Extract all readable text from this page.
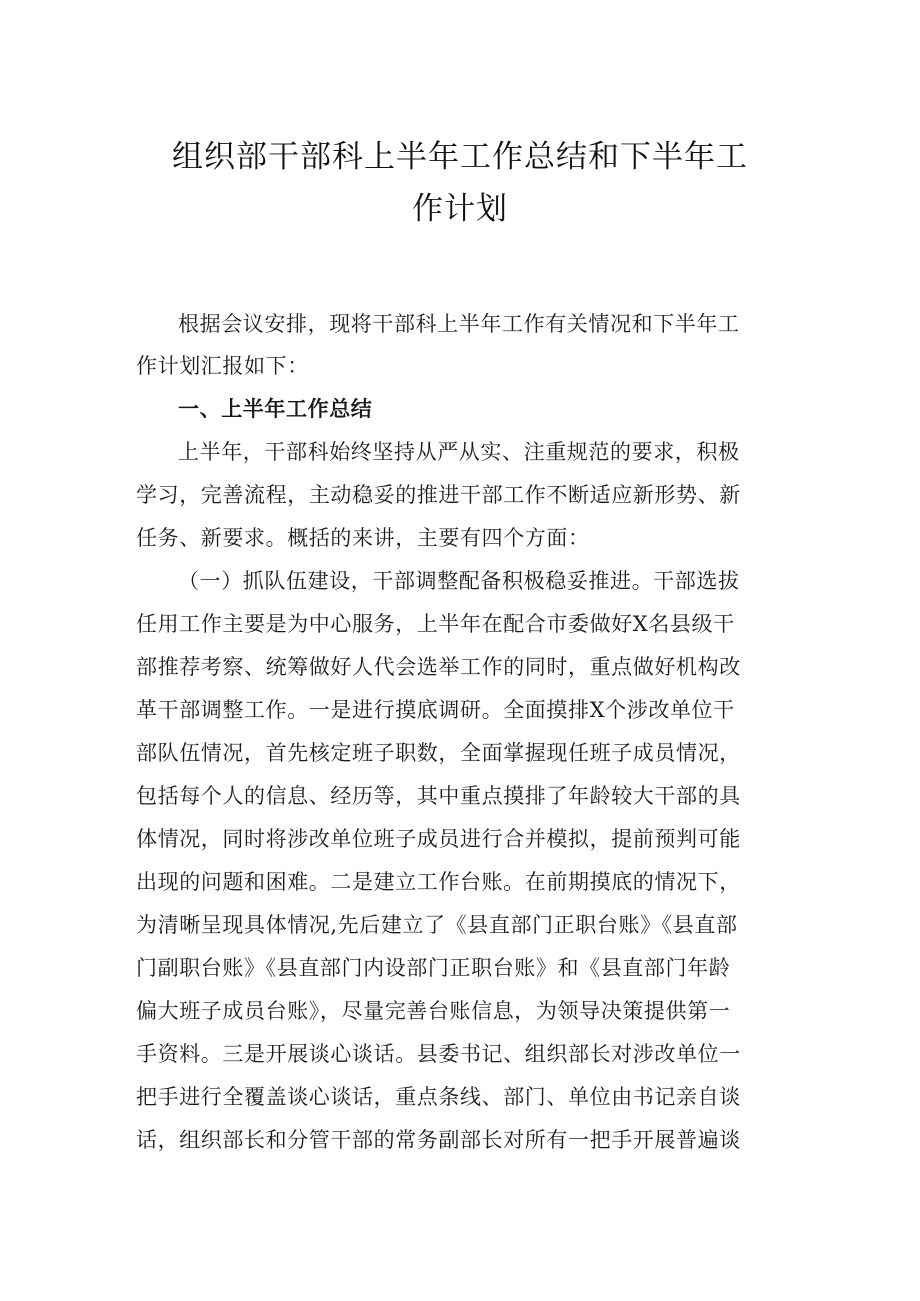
组织部干部科上半年工作总结和下半年工
作计划
根据会议安排，现将干部科上半年工作有关情况和下半年工
作计划汇报如下：
一、上半年工作总结
上半年，干部科始终坚持从严从实、注重规范的要求，积极
学习，完善流程，主动稳妥的推进干部工作不断适应新形势、新
任务、新要求。概括的来讲，主要有四个方面：
（一）抓队伍建设，干部调整配备积极稳妥推进。干部选拔
任用工作主要是为中心服务，上半年在配合市委做好X名县级干
部推荐考察、统筹做好人代会选举工作的同时，重点做好机构改
革干部调整工作。一是进行摸底调研。全面摸排X个涉改单位干
部队伍情况，首先核定班子职数，全面掌握现任班子成员情况，
包括每个人的信息、经历等，其中重点摸排了年龄较大干部的具
体情况，同时将涉改单位班子成员进行合并模拟，提前预判可能
出现的问题和困难。二是建立工作台账。在前期摸底的情况下，
为清晰呈现具体情况,先后建立了《县直部门正职台账》《县直部
门副职台账》《县直部门内设部门正职台账》和《县直部门年龄
偏大班子成员台账》，尽量完善台账信息，为领导决策提供第一
手资料。三是开展谈心谈话。县委书记、组织部长对涉改单位一
把手进行全覆盖谈心谈话，重点条线、部门、单位由书记亲自谈
话，组织部长和分管干部的常务副部长对所有一把手开展普遍谈
